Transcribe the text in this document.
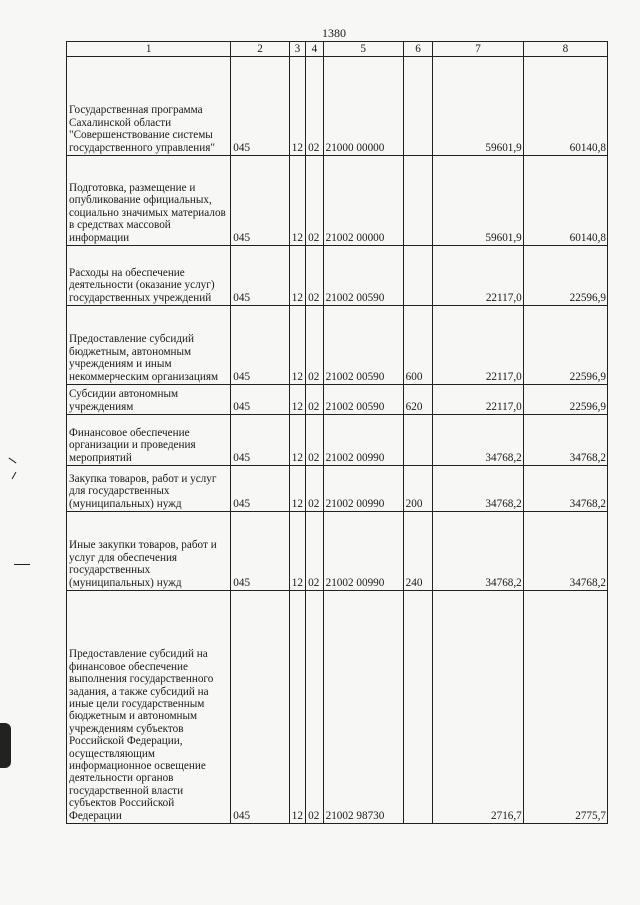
1380
1	2	3	4	5	6	7	8
Государственная программа Сахалинской области "Совершенствование системы государственного управления"	045	12	02	21000 00000		59601,9	60140,8
Подготовка, размещение и опубликование официальных, социально значимых материалов в средствах массовой информации	045	12	02	21002 00000		59601,9	60140,8
Расходы на обеспечение деятельности (оказание услуг) государственных учреждений	045	12	02	21002 00590		22117,0	22596,9
Предоставление субсидий бюджетным, автономным учреждениям и иным некоммерческим организациям	045	12	02	21002 00590	600	22117,0	22596,9
Субсидии автономным учреждениям	045	12	02	21002 00590	620	22117,0	22596,9
Финансовое обеспечение организации и проведения мероприятий	045	12	02	21002 00990		34768,2	34768,2
Закупка товаров, работ и услуг для государственных (муниципальных) нужд	045	12	02	21002 00990	200	34768,2	34768,2
Иные закупки товаров, работ и услуг для обеспечения государственных (муниципальных) нужд	045	12	02	21002 00990	240	34768,2	34768,2
Предоставление субсидий на финансовое обеспечение выполнения государственного задания, а также субсидий на иные цели государственным бюджетным и автономным учреждениям субъектов Российской Федерации, осуществляющим информационное освещение деятельности органов государственной власти субъектов Российской Федерации	045	12	02	21002 98730		2716,7	2775,7
